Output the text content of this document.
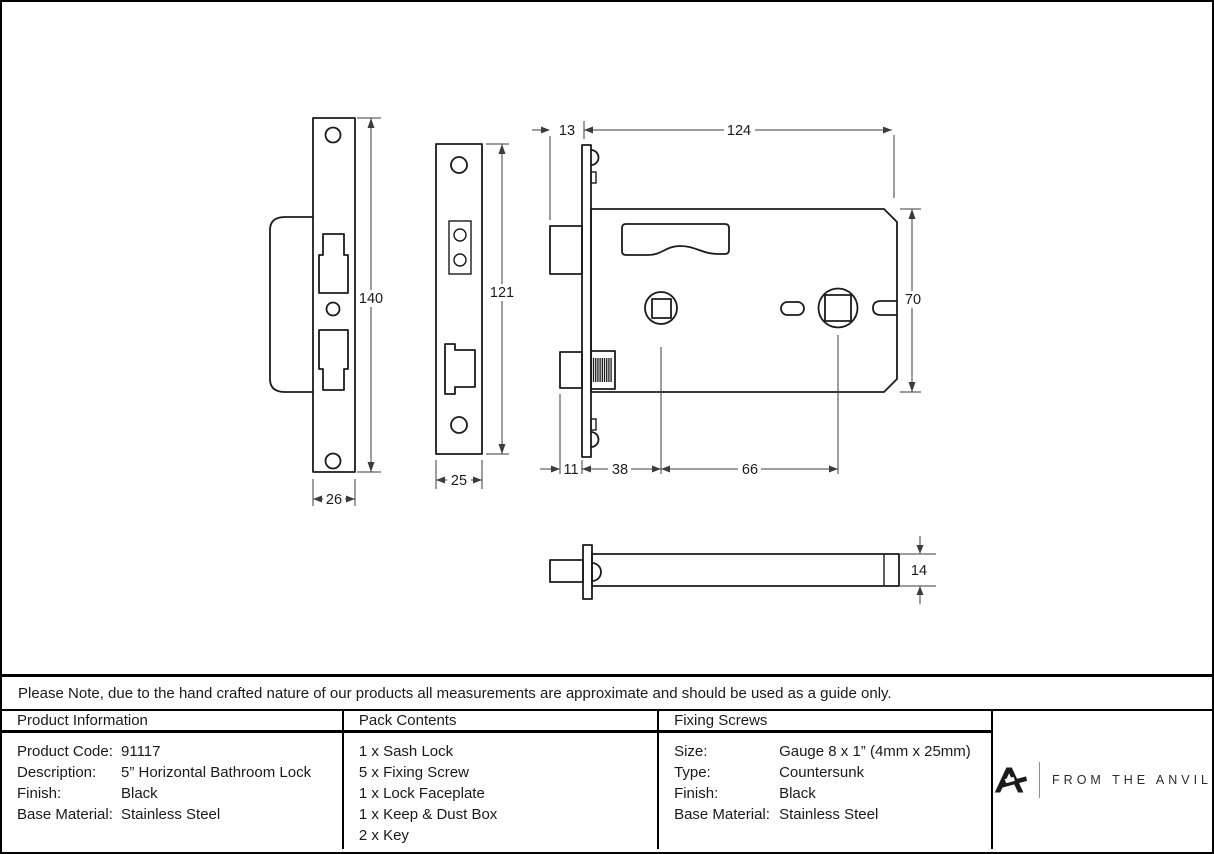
140
26
121
25
13	124
70
11 38	66
14
Please Note, due to the hand crafted nature of our products all measurements are approximate and should be used as a guide only.
Product Information
Product Code: 91117
Description:	5” Horizontal Bathroom Lock
Finish:	Black
Base Material: Stainless Steel
Pack Contents
1 x Sash Lock
5 x Fixing Screw
1 x Lock Faceplate
1 x Keep & Dust Box
2 x Key
Fixing Screws
Size:	Gauge 8 x 1” (4mm x 25mm)
Type:	Countersunk
Finish:	Black
Base Material: Stainless Steel
FROM THE ANVIL
